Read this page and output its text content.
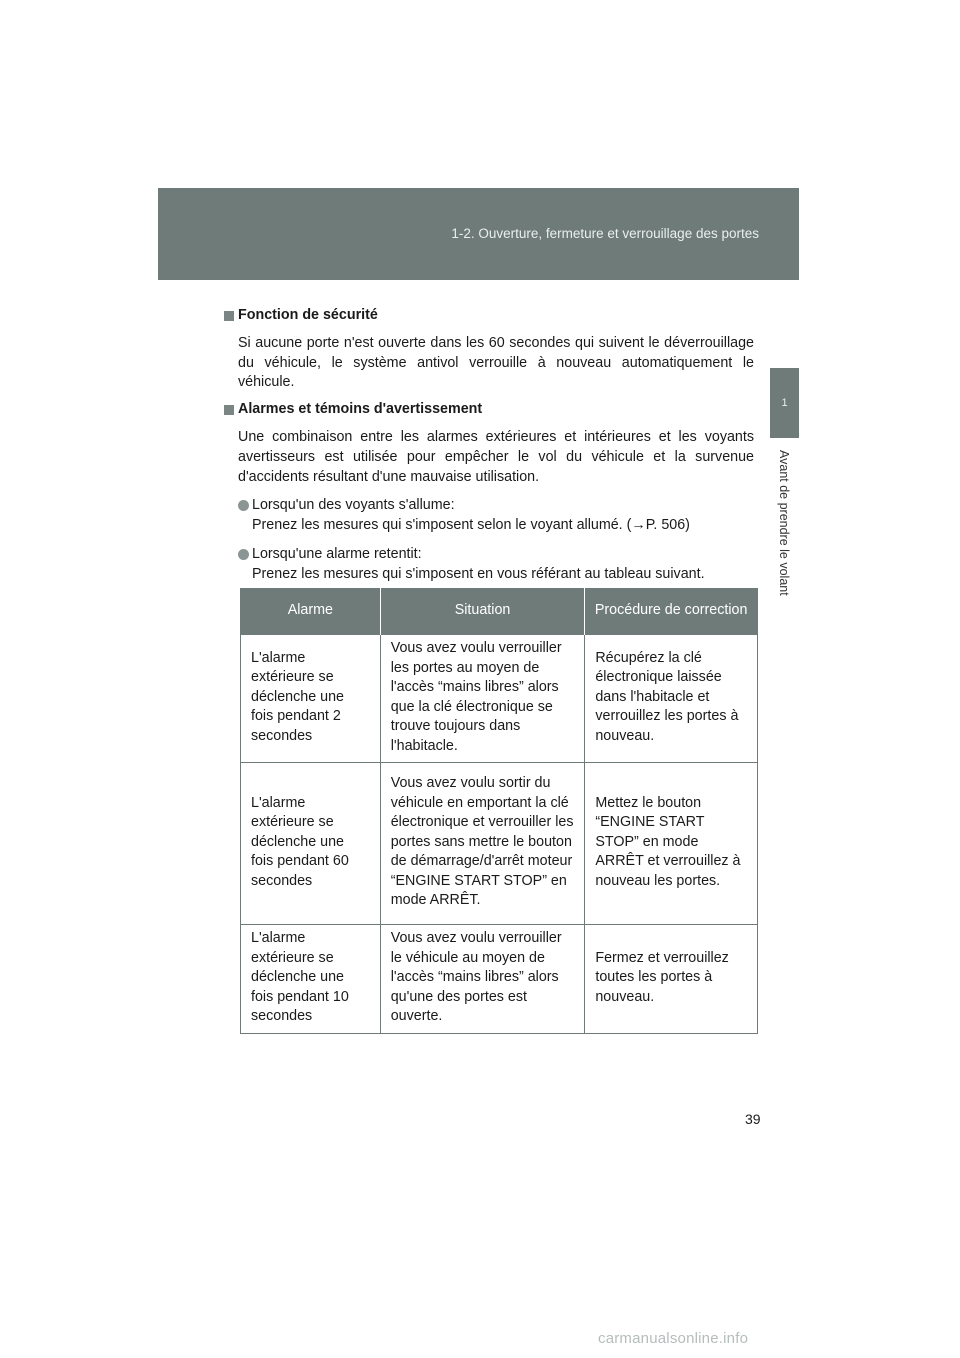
1-2. Ouverture, fermeture et verrouillage des portes
1
Avant de prendre le volant

Fonction de sécurité

Si aucune porte n'est ouverte dans les 60 secondes qui suivent le déverrouillage du véhicule, le système antivol verrouille à nouveau automatiquement le véhicule.

Alarmes et témoins d'avertissement

Une combinaison entre les alarmes extérieures et intérieures et les voyants avertisseurs est utilisée pour empêcher le vol du véhicule et la survenue d'accidents résultant d'une mauvaise utilisation.

Lorsqu'un des voyants s'allume:
Prenez les mesures qui s'imposent selon le voyant allumé. (→P. 506)
Lorsqu'une alarme retentit:
Prenez les mesures qui s'imposent en vous référant au tableau suivant.
Alarme	Situation	Procédure de correction
L'alarme extérieure se déclenche une fois pendant 2 secondes	Vous avez voulu verrouiller les portes au moyen de l'accès “mains libres” alors que la clé électronique se trouve toujours dans l'habitacle.	Récupérez la clé électronique laissée dans l'habitacle et verrouillez les portes à nouveau.
L'alarme extérieure se déclenche une fois pendant 60 secondes	Vous avez voulu sortir du véhicule en emportant la clé électronique et verrouiller les portes sans mettre le bouton de démarrage/d'arrêt moteur “ENGINE START STOP” en mode ARRÊT.	Mettez le bouton “ENGINE START STOP” en mode ARRÊT et verrouillez à nouveau les portes.
L'alarme extérieure se déclenche une fois pendant 10 secondes	Vous avez voulu verrouiller le véhicule au moyen de l'accès “mains libres” alors qu'une des portes est ouverte.	Fermez et verrouillez toutes les portes à nouveau.
39
carmanualsonline.info
